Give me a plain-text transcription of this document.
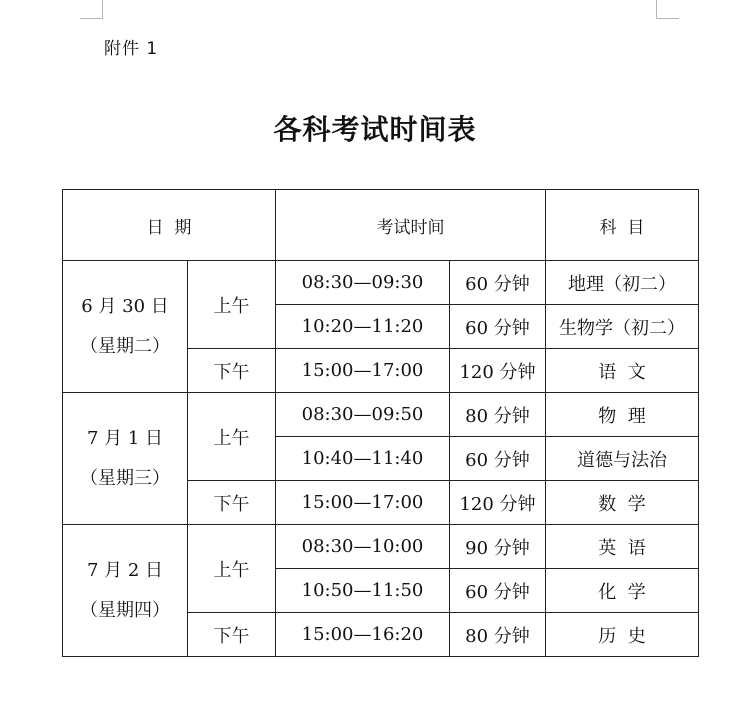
附件 1
各科考试时间表
日  期		考试时间		科  目

6 月 30 日
（星期二）	上午	08:30—09:30	60 分钟	地理（初二）
		10:20—11:20	60 分钟	生物学（初二）
	下午	15:00—17:00	120 分钟	语  文

7 月 1 日
（星期三）	上午	08:30—09:50	80 分钟	物  理
		10:40—11:40	60 分钟	道德与法治
	下午	15:00—17:00	120 分钟	数  学

7 月 2 日
（星期四）	上午	08:30—10:00	90 分钟	英  语
		10:50—11:50	60 分钟	化  学
	下午	15:00—16:20	80 分钟	历  史
